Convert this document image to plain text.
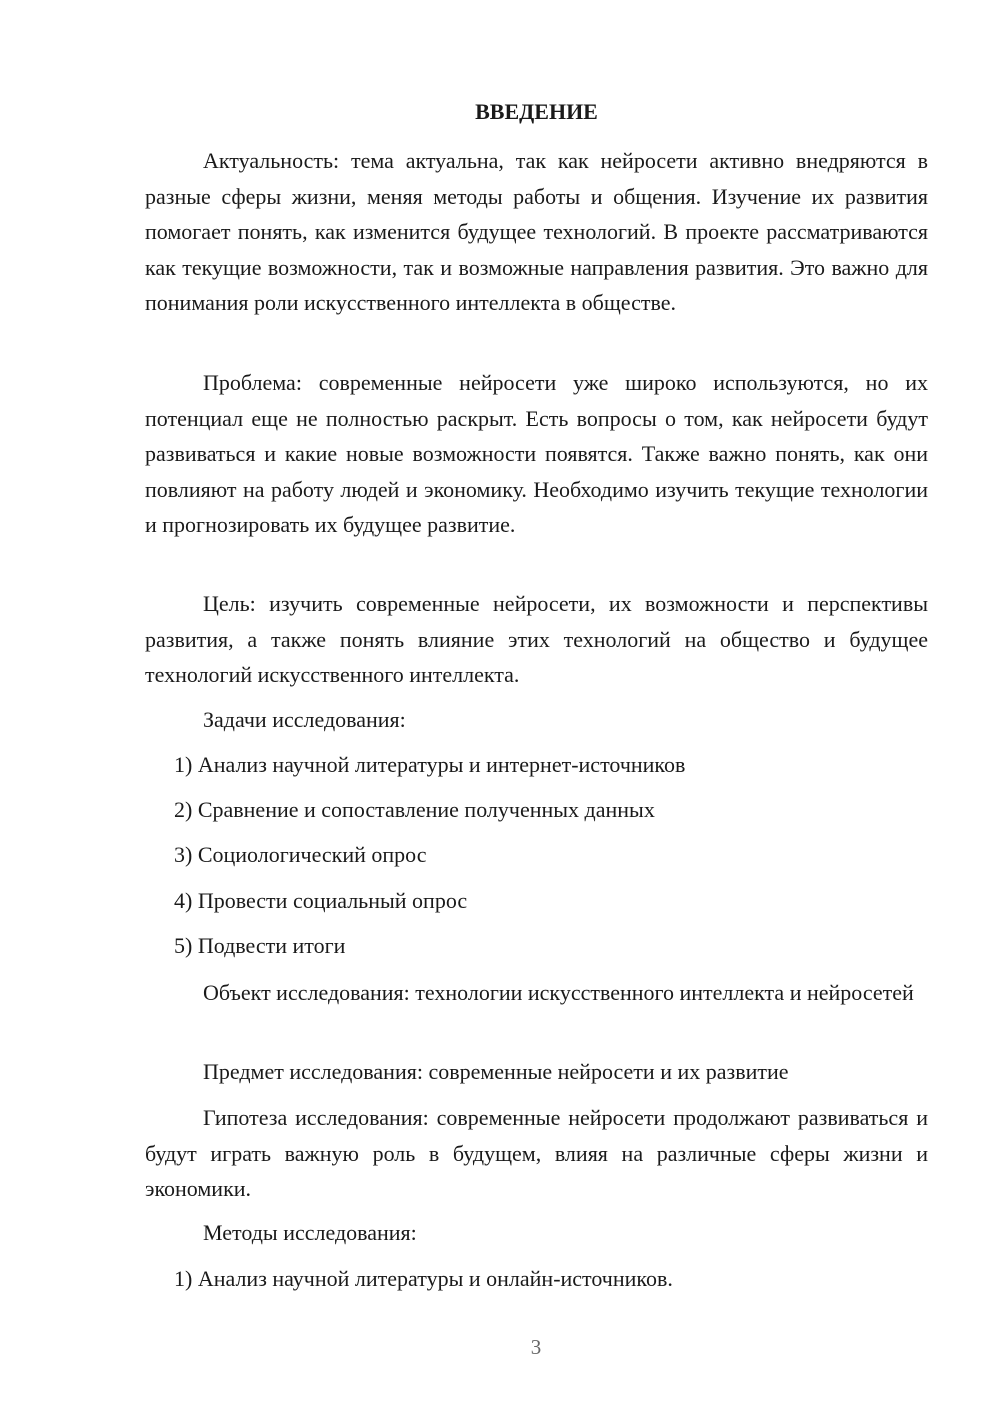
ВВЕДЕНИЕ

Актуальность: тема актуальна, так как нейросети активно внедряются в разные сферы жизни, меняя методы работы и общения. Изучение их развития помогает понять, как изменится будущее технологий. В проекте рассматриваются как текущие возможности, так и возможные направления развития. Это важно для понимания роли искусственного интеллекта в обществе.

Проблема: современные нейросети уже широко используются, но их потенциал еще не полностью раскрыт. Есть вопросы о том, как нейросети будут развиваться и какие новые возможности появятся. Также важно понять, как они повлияют на работу людей и экономику. Необходимо изучить текущие технологии и прогнозировать их будущее развитие.

Цель: изучить современные нейросети, их возможности и перспективы развития, а также понять влияние этих технологий на общество и будущее технологий искусственного интеллекта.

Задачи исследования:

1) Анализ научной литературы и интернет-источников

2) Сравнение и сопоставление полученных данных

3) Социологический опрос

4) Провести социальный опрос

5) Подвести итоги

Объект исследования: технологии искусственного интеллекта и нейросетей

Предмет исследования: современные нейросети и их развитие

Гипотеза исследования: современные нейросети продолжают развиваться и будут играть важную роль в будущем, влияя на различные сферы жизни и экономики.

Методы исследования:

1) Анализ научной литературы и онлайн-источников.

3
